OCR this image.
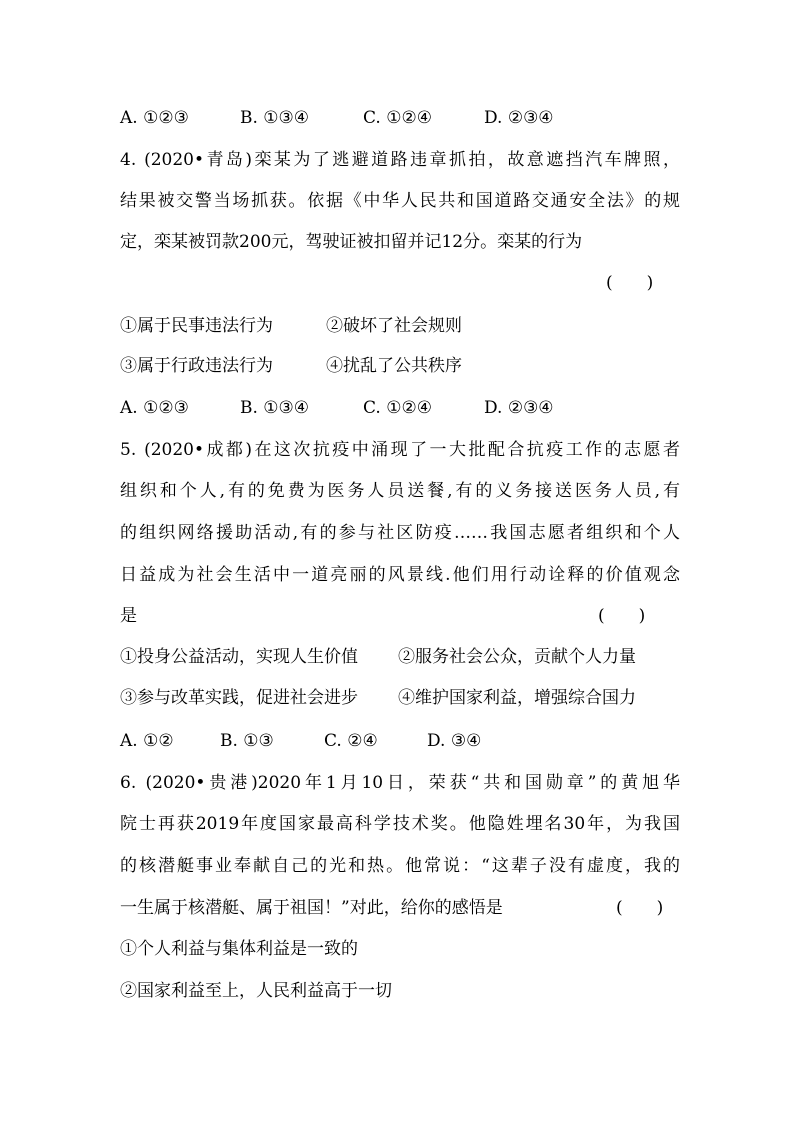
A. ①②③	B. ①③④	C. ①②④	D. ②③④
4. (2020•青岛)栾某为了逃避道路违章抓拍，故意遮挡汽车牌照，
结果被交警当场抓获。依据《中华人民共和国道路交通安全法》的规
定，栾某被罚款200元，驾驶证被扣留并记12分。栾某的行为
(　　)
①属于民事违法行为	②破坏了社会规则
③属于行政违法行为	④扰乱了公共秩序
A. ①②③	B. ①③④	C. ①②④	D. ②③④
5. (2020•成都)在这次抗疫中涌现了一大批配合抗疫工作的志愿者
组织和个人,有的免费为医务人员送餐,有的义务接送医务人员,有
的组织网络援助活动,有的参与社区防疫……我国志愿者组织和个人
日益成为社会生活中一道亮丽的风景线.他们用行动诠释的价值观念
是	(　　)
①投身公益活动，实现人生价值 ②服务社会公众，贡献个人力量
③参与改革实践，促进社会进步 ④维护国家利益，增强综合国力
A. ①②	B. ①③	C. ②④	D. ③④
6. (2020•贵港)2020年1月10日，荣获“共和国勋章”的黄旭华
院士再获2019年度国家最高科学技术奖。他隐姓埋名30年，为我国
的核潜艇事业奉献自己的光和热。他常说：“这辈子没有虚度，我的
一生属于核潜艇、属于祖国！”对此，给你的感悟是	(　　)
①个人利益与集体利益是一致的
②国家利益至上，人民利益高于一切
